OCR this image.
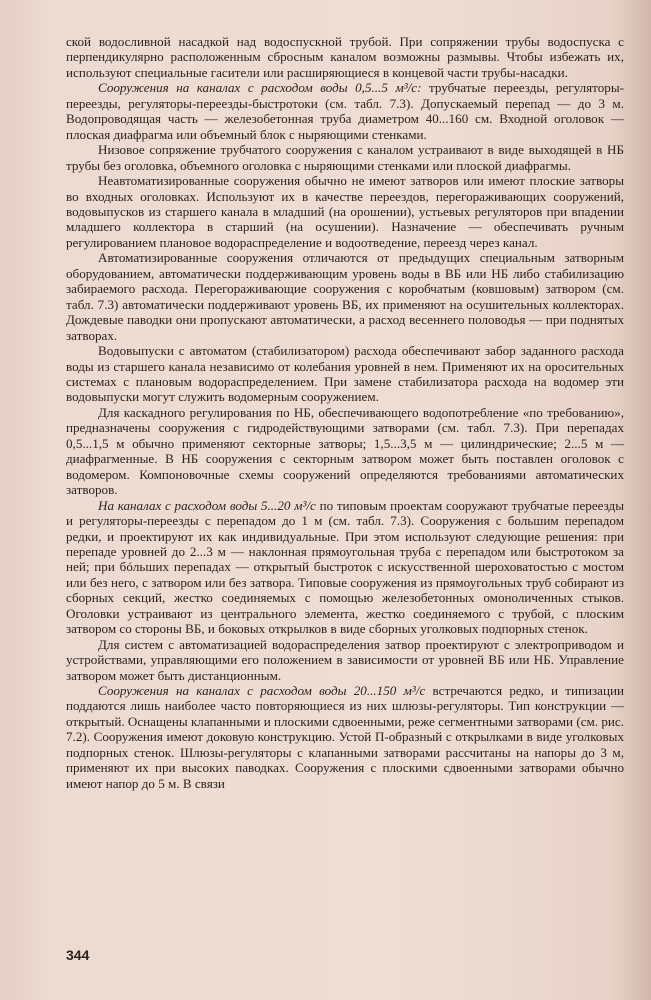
ской водосливной насадкой над водоспускной трубой. При сопряжении трубы водоспуска с перпендикулярно расположенным сбросным каналом возможны размывы. Чтобы избежать их, используют специальные гасители или расширяющиеся в концевой части трубы-насадки.

Сооружения на каналах с расходом воды 0,5...5 м³/с: трубчатые переезды, регуляторы-переезды, регуляторы-переезды-быстротоки (см. табл. 7.3). Допускаемый перепад — до 3 м. Водопроводящая часть — железобетонная труба диаметром 40...160 см. Входной оголовок — плоская диафрагма или объемный блок с ныряющими стенками.

Низовое сопряжение трубчатого сооружения с каналом устраивают в виде выходящей в НБ трубы без оголовка, объемного оголовка с ныряющими стенками или плоской диафрагмы.

Неавтоматизированные сооружения обычно не имеют затворов или имеют плоские затворы во входных оголовках. Используют их в качестве переездов, перегораживающих сооружений, водовыпусков из старшего канала в младший (на орошении), устьевых регуляторов при впадении младшего коллектора в старший (на осушении). Назначение — обеспечивать ручным регулированием плановое водораспределение и водоотведение, переезд через канал.

Автоматизированные сооружения отличаются от предыдущих специальным затворным оборудованием, автоматически поддерживающим уровень воды в ВБ или НБ либо стабилизацию забираемого расхода. Перегораживающие сооружения с коробчатым (ковшовым) затвором (см. табл. 7.3) автоматически поддерживают уровень ВБ, их применяют на осушительных коллекторах. Дождевые паводки они пропускают автоматически, а расход весеннего половодья — при поднятых затворах.

Водовыпуски с автоматом (стабилизатором) расхода обеспечивают забор заданного расхода воды из старшего канала независимо от колебания уровней в нем. Применяют их на оросительных системах с плановым водораспределением. При замене стабилизатора расхода на водомер эти водовыпуски могут служить водомерным сооружением.

Для каскадного регулирования по НБ, обеспечивающего водопотребление «по требованию», предназначены сооружения с гидродействующими затворами (см. табл. 7.3). При перепадах 0,5...1,5 м обычно применяют секторные затворы; 1,5...3,5 м — цилиндрические; 2...5 м — диафрагменные. В НБ сооружения с секторным затвором может быть поставлен оголовок с водомером. Компоновочные схемы сооружений определяются требованиями автоматических затворов.

На каналах с расходом воды 5...20 м³/с по типовым проектам сооружают трубчатые переезды и регуляторы-переезды с перепадом до 1 м (см. табл. 7.3). Сооружения с большим перепадом редки, и проектируют их как индивидуальные. При этом используют следующие решения: при перепаде уровней до 2...3 м — наклонная прямоугольная труба с перепадом или быстротоком за ней; при бóльших перепадах — открытый быстроток с искусственной шероховатостью с мостом или без него, с затвором или без затвора. Типовые сооружения из прямоугольных труб собирают из сборных секций, жестко соединяемых с помощью железобетонных омоноличенных стыков. Оголовки устраивают из центрального элемента, жестко соединяемого с трубой, с плоским затвором со стороны ВБ, и боковых открылков в виде сборных уголковых подпорных стенок.

Для систем с автоматизацией водораспределения затвор проектируют с электроприводом и устройствами, управляющими его положением в зависимости от уровней ВБ или НБ. Управление затвором может быть дистанционным.

Сооружения на каналах с расходом воды 20...150 м³/с встречаются редко, и типизации поддаются лишь наиболее часто повторяющиеся из них шлюзы-регуляторы. Тип конструкции — открытый. Оснащены клапанными и плоскими сдвоенными, реже сегментными затворами (см. рис. 7.2). Сооружения имеют доковую конструкцию. Устой П-образный с открылками в виде уголковых подпорных стенок. Шлюзы-регуляторы с клапанными затворами рассчитаны на напоры до 3 м, применяют их при высоких паводках. Сооружения с плоскими сдвоенными затворами обычно имеют напор до 5 м. В связи

344
